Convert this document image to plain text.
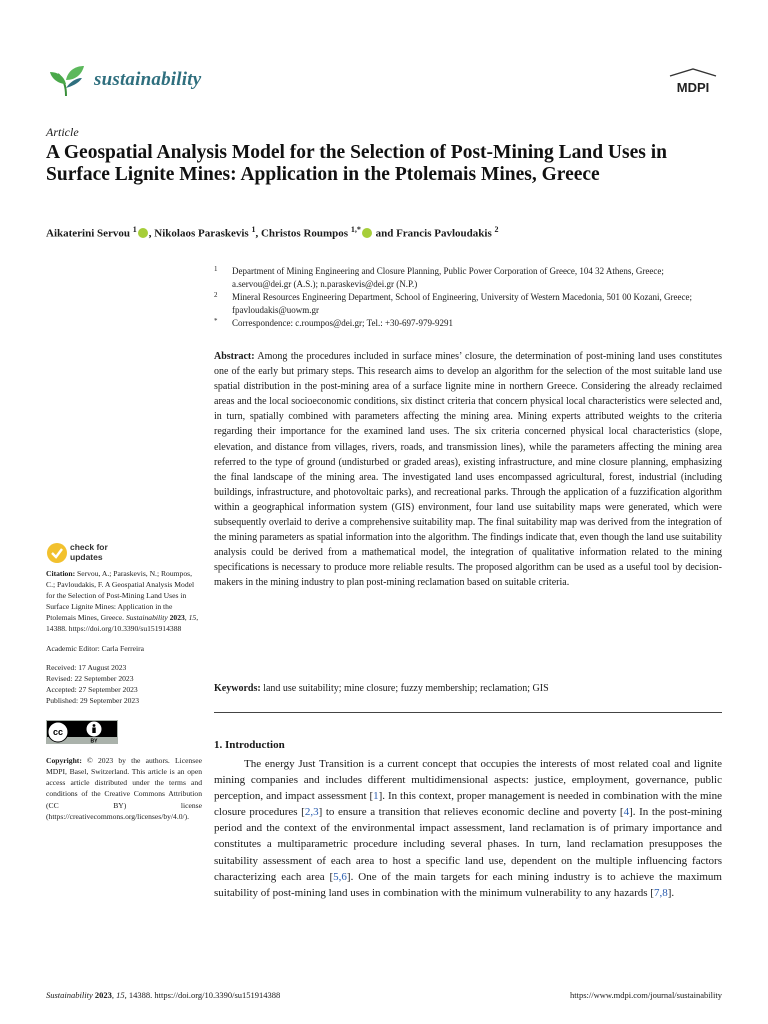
sustainability	MDPI
Article
A Geospatial Analysis Model for the Selection of Post-Mining Land Uses in Surface Lignite Mines: Application in the Ptolemais Mines, Greece
Aikaterini Servou $^1$ , Nikolaos Paraskevis $^1$, Christos Roumpos $^{1,*}$ and Francis Pavloudakis $^2$
1 Department of Mining Engineering and Closure Planning, Public Power Corporation of Greece, 104 32 Athens, Greece; a.servou@dei.gr (A.S.); n.paraskevis@dei.gr (N.P.)
2 Mineral Resources Engineering Department, School of Engineering, University of Western Macedonia, 501 00 Kozani, Greece; fpavloudakis@uowm.gr
* Correspondence: c.roumpos@dei.gr; Tel.: +30-697-979-9291
Abstract: Among the procedures included in surface mines’ closure, the determination of post-mining land uses constitutes one of the early but primary steps. This research aims to develop an algorithm for the selection of the most suitable land use spatial distribution in the post-mining area of a surface lignite mine in northern Greece. Considering the already reclaimed areas and the local socioeconomic conditions, six distinct criteria that concern physical local characteristics were selected and, in turn, spatially combined with parameters affecting the mining area. Mining experts attributed weights to the criteria regarding their importance for the examined land uses. The six criteria concerned physical local characteristics (slope, elevation, and distance from villages, rivers, roads, and transmission lines), while the parameters affecting the mining area referred to the type of ground (undisturbed or graded areas), existing infrastructure, and mine closure planning, emphasizing the final landscape of the mining area. The investigated land uses encompassed agricultural, forest, industrial (including buildings, infrastructure, and photovoltaic parks), and recreational parks. Through the application of a fuzzification algorithm within a geographical information system (GIS) environment, four land use suitability maps were generated, which were subsequently overlaid to derive a comprehensive suitability map. The final suitability map was derived from the integration of the mining parameters as spatial information into the algorithm. The findings indicate that, even though the land use suitability analysis could be derived from a mathematical model, the integration of qualitative information related to the mining specifications is necessary to produce more reliable results. The proposed algorithm can be used as a useful tool by decision-makers in the mining industry to plan post-mining reclamation based on suitable criteria.
Keywords: land use suitability; mine closure; fuzzy membership; reclamation; GIS
check for
updates
Citation: Servou, A.; Paraskevis, N.; Roumpos, C.; Pavloudakis, F. A Geospatial Analysis Model for the Selection of Post-Mining Land Uses in Surface Lignite Mines: Application in the Ptolemais Mines, Greece. Sustainability 2023, 15, 14388. https://doi.org/10.3390/su151914388
Academic Editor: Carla Ferreira
Received: 17 August 2023
Revised: 22 September 2023
Accepted: 27 September 2023
Published: 29 September 2023
cc
BY
Copyright: © 2023 by the authors. Licensee MDPI, Basel, Switzerland. This article is an open access article distributed under the terms and conditions of the Creative Commons Attribution (CC BY) license (https://creativecommons.org/licenses/by/4.0/).
1. Introduction
The energy Just Transition is a current concept that occupies the interests of most related coal and lignite mining companies and includes different multidimensional aspects: justice, employment, governance, public perception, and impact assessment [1]. In this context, proper management is needed in combination with the mine closure procedures [2,3] to ensure a transition that relieves economic decline and poverty [4]. In the post-mining period and the context of the environmental impact assessment, land reclamation is of primary importance and constitutes a multiparametric procedure including several phases. In turn, land reclamation presupposes the suitability assessment of each area to host a specific land use, dependent on the multiple influencing factors characterizing each area [5,6]. One of the main targets for each mining industry is to achieve the maximum suitability of post-mining land uses in combination with the minimum vulnerability to any hazards [7,8].
Sustainability 2023, 15, 14388. https://doi.org/10.3390/su151914388	https://www.mdpi.com/journal/sustainability
